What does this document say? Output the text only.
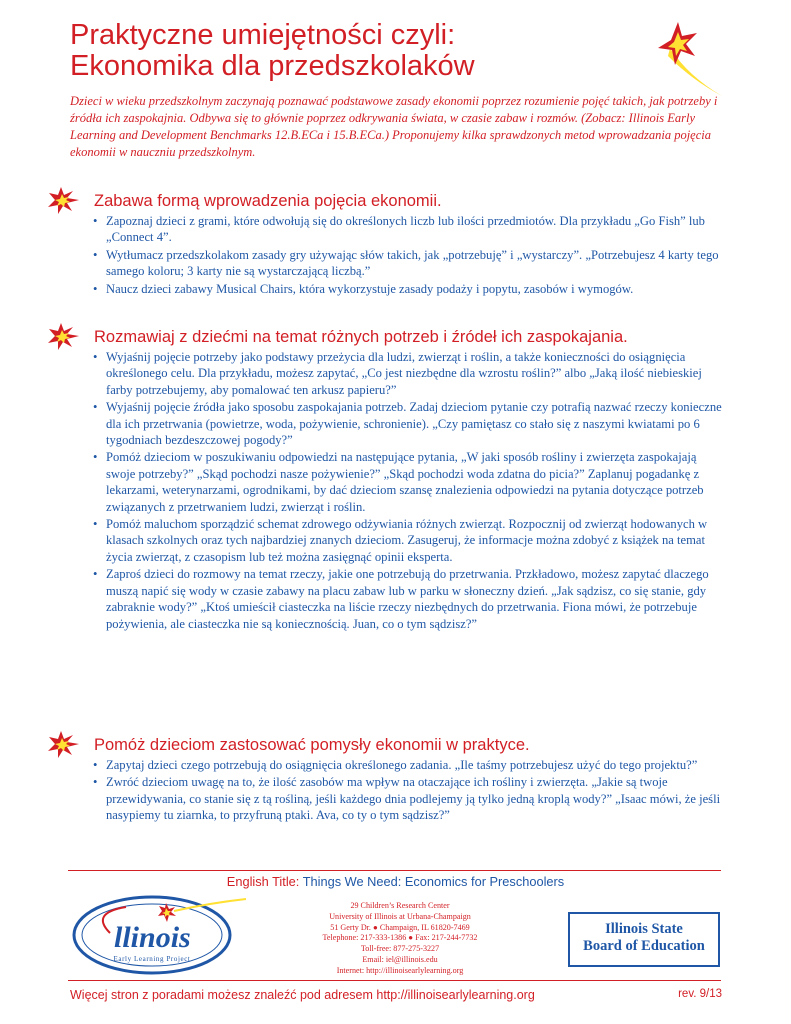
Praktyczne umiejętności czyli:
Ekonomika dla przedszkolaków

Dzieci w wieku przedszkolnym zaczynają poznawać podstawowe zasady ekonomii poprzez rozumienie pojęć takich, jak potrzeby i źródła ich zaspokajnia. Odbywa się to głównie poprzez odkrywania świata, w czasie zabaw i rozmów. (Zobacz: Illinois Early Learning and Development Benchmarks 12.B.ECa i 15.B.ECa.) Proponujemy kilka sprawdzonych metod wprowadzania pojęcia ekonomii w nauczniu przedszkolnym.

Zabawa formą wprowadzenia pojęcia ekonomii.
• Zapoznaj dzieci z grami, które odwołują się do określonych liczb lub ilości przedmiotów. Dla przykładu „Go Fish” lub „Connect 4”.
• Wytłumacz przedszkolakom zasady gry używając słów takich, jak „potrzebuję” i „wystarczy”. „Potrzebujesz 4 karty tego samego koloru; 3 karty nie są wystarczającą liczbą.”
• Naucz dzieci zabawy Musical Chairs, która wykorzystuje zasady podaży i popytu, zasobów i wymogów.
Rozmawiaj z dziećmi na temat różnych potrzeb i źródeł ich zaspokajania.
• Wyjaśnij pojęcie potrzeby jako podstawy przeżycia dla ludzi, zwierząt i roślin, a także konieczności do osiągnięcia określonego celu. Dla przykładu, możesz zapytać, „Co jest niezbędne dla wzrostu roślin?” albo „Jaką ilość niebieskiej farby potrzebujemy, aby pomalować ten arkusz papieru?”
• Wyjaśnij pojęcie źródła jako sposobu zaspokajania potrzeb. Zadaj dzieciom pytanie czy potrafią nazwać rzeczy konieczne dla ich przetrwania (powietrze, woda, pożywienie, schronienie). „Czy pamiętasz co stało się z naszymi kwiatami po 6 tygodniach bezdeszczowej pogody?”
• Pomóż dzieciom w poszukiwaniu odpowiedzi na następujące pytania, „W jaki sposób rośliny i zwierzęta zaspokajają swoje potrzeby?” „Skąd pochodzi nasze pożywienie?” „Skąd pochodzi woda zdatna do picia?” Zaplanuj pogadankę z lekarzami, weterynarzami, ogrodnikami, by dać dzieciom szansę znalezienia odpowiedzi na pytania dotyczące potrzeb związanych z przetrwaniem ludzi, zwierząt i roślin.
• Pomóż maluchom sporządzić schemat zdrowego odżywiania różnych zwierząt. Rozpocznij od zwierząt hodowanych w klasach szkolnych oraz tych najbardziej znanych dzieciom. Zasugeruj, że informacje można zdobyć z książek na temat życia zwierząt, z czasopism lub też można zasięgnąć opinii eksperta.
• Zaproś dzieci do rozmowy na temat rzeczy, jakie one potrzebują do przetrwania. Przkładowo, możesz zapytać dlaczego muszą napić się wody w czasie zabawy na placu zabaw lub w parku w słoneczny dzień. „Jak sądzisz, co się stanie, gdy zabraknie wody?” „Ktoś umieścił ciasteczka na liście rzeczy niezbędnych do przetrwania. Fiona mówi, że potrzebuje pożywienia, ale ciasteczka nie są koniecznością. Juan, co o tym sądzisz?”
Pomóż dzieciom zastosować pomysły ekonomii w praktyce.
• Zapytaj dzieci czego potrzebują do osiągnięcia określonego zadania. „Ile taśmy potrzebujesz użyć do tego projektu?”
• Zwróć dzieciom uwagę na to, że ilość zasobów ma wpływ na otaczające ich rośliny i zwierzęta. „Jakie są twoje przewidywania, co stanie się z tą rośliną, jeśli każdego dnia podlejemy ją tylko jedną kroplą wody?” „Isaac mówi, że jeśli nasypiemy tu ziarnka, to przyfruną ptaki. Ava, co ty o tym sądzisz?”
English Title: Things We Need: Economics for Preschoolers
llinois
Early Learning Project
29 Children’s Research Center
University of Illinois at Urbana-Champaign
51 Gerty Dr. ● Champaign, IL 61820-7469
Telephone: 217-333-1386 ● Fax: 217-244-7732
Toll-free: 877-275-3227
Email: iel@illinois.edu
Internet: http://illinoisearlylearning.org
Illinois State
Board of Education
Więcej stron z poradami możesz znaleźć pod adresem http://illinoisearlylearning.org	rev. 9/13
